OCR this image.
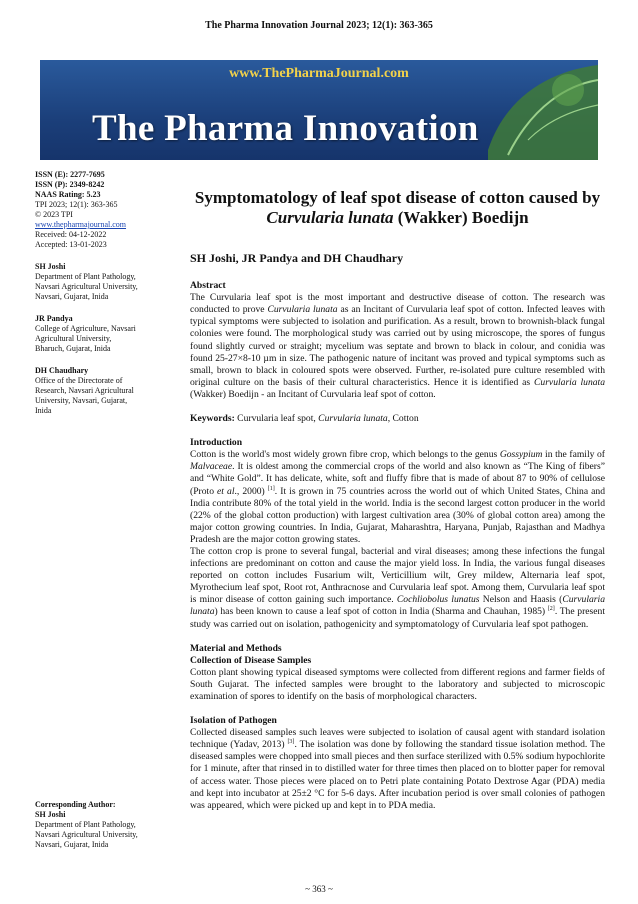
The Pharma Innovation Journal 2023; 12(1): 363-365
www.ThePharmaJournal.com
The Pharma Innovation
ISSN (E): 2277-7695
ISSN (P): 2349-8242
NAAS Rating: 5.23
TPI 2023; 12(1): 363-365
© 2023 TPI
www.thepharmajournal.com
Received: 04-12-2022
Accepted: 13-01-2023
SH Joshi
Department of Plant Pathology,
Navsari Agricultural University,
Navsari, Gujarat, Inida
JR Pandya
College of Agriculture, Navsari
Agricultural University,
Bharuch, Gujarat, Inida
DH Chaudhary
Office of the Directorate of
Research, Navsari Agricultural
University, Navsari, Gujarat,
Inida
Corresponding Author:
SH Joshi
Department of Plant Pathology,
Navsari Agricultural University,
Navsari, Gujarat, Inida
Symptomatology of leaf spot disease of cotton caused by Curvularia lunata (Wakker) Boedijn
SH Joshi, JR Pandya and DH Chaudhary
Abstract

The Curvularia leaf spot is the most important and destructive disease of cotton. The research was conducted to prove Curvularia lunata as an Incitant of Curvularia leaf spot of cotton. Infected leaves with typical symptoms were subjected to isolation and purification. As a result, brown to brownish-black fungal colonies were found. The morphological study was carried out by using microscope, the spores of fungus found slightly curved or straight; mycelium was septate and brown to black in colour, and conidia was found 25-27×8-10 µm in size. The pathogenic nature of incitant was proved and typical symptoms such as small, brown to black in coloured spots were observed. Further, re-isolated pure culture resembled with original culture on the basis of their cultural characteristics. Hence it is identified as Curvularia lunata (Wakker) Boedijn - an Incitant of Curvularia leaf spot of cotton.

Keywords: Curvularia leaf spot, Curvularia lunata, Cotton

Introduction

Cotton is the world's most widely grown fibre crop, which belongs to the genus Gossypium in the family of Malvaceae. It is oldest among the commercial crops of the world and also known as “The King of fibers” and “White Gold”. It has delicate, white, soft and fluffy fibre that is made of about 87 to 90% of cellulose (Proto et al., 2000) [1]. It is grown in 75 countries across the world out of which United States, China and India contribute 80% of the total yield in the world. India is the second largest cotton producer in the world (22% of the global cotton production) with largest cultivation area (30% of global cotton area) among the major cotton growing countries. In India, Gujarat, Maharashtra, Haryana, Punjab, Rajasthan and Madhya Pradesh are the major cotton growing states.

The cotton crop is prone to several fungal, bacterial and viral diseases; among these infections the fungal infections are predominant on cotton and cause the major yield loss. In India, the various fungal diseases reported on cotton includes Fusarium wilt, Verticillium wilt, Grey mildew, Alternaria leaf spot, Myrothecium leaf spot, Root rot, Anthracnose and Curvularia leaf spot. Among them, Curvularia leaf spot is minor disease of cotton gaining such importance. Cochliobolus lunatus Nelson and Haasis (Curvularia lunata) has been known to cause a leaf spot of cotton in India (Sharma and Chauhan, 1985) [2]. The present study was carried out on isolation, pathogenicity and symptomatology of Curvularia leaf spot pathogen.

Material and Methods
Collection of Disease Samples

Cotton plant showing typical diseased symptoms were collected from different regions and farmer fields of South Gujarat. The infected samples were brought to the laboratory and subjected to microscopic examination of spores to identify on the basis of morphological characters.

Isolation of Pathogen

Collected diseased samples such leaves were subjected to isolation of causal agent with standard isolation technique (Yadav, 2013) [3]. The isolation was done by following the standard tissue isolation method. The diseased samples were chopped into small pieces and then surface sterilized with 0.5% sodium hypochlorite for 1 minute, after that rinsed in to distilled water for three times then placed on to blotter paper for removal of access water. Those pieces were placed on to Petri plate containing Potato Dextrose Agar (PDA) media and kept into incubator at 25±2 °C for 5-6 days. After incubation period is over small colonies of pathogen was appeared, which were picked up and kept in to PDA media.

~ 363 ~
